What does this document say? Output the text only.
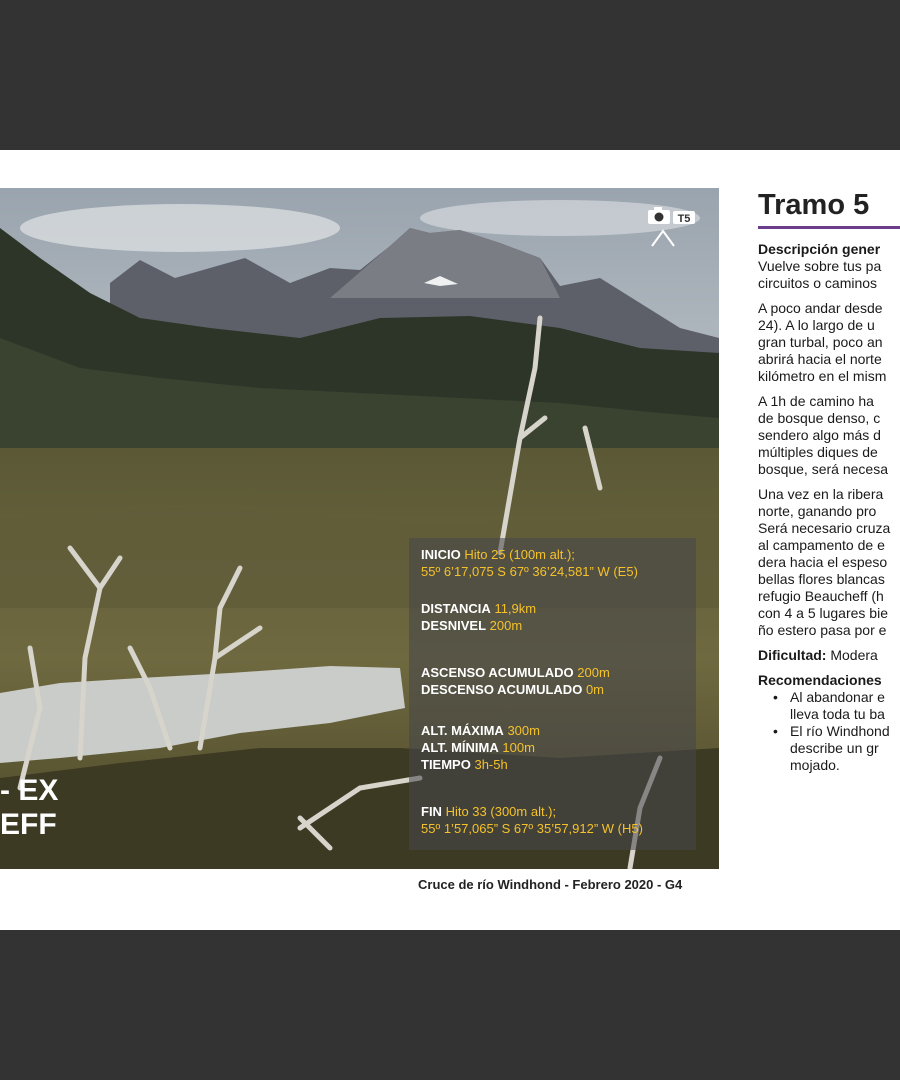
T5
INICIO Hito 25 (100m alt.);
55º 6’17,075 S 67º 36’24,581” W (E5)
DISTANCIA 11,9km
DESNIVEL 200m
ASCENSO ACUMULADO 200m
DESCENSO ACUMULADO 0m
ALT. MÁXIMA 300m
ALT. MÍNIMA 100m
TIEMPO 3h-5h
FIN Hito 33 (300m alt.);
55º 1’57,065” S 67º 35’57,912” W (H5)
- EX
EFF
Cruce de río Windhond - Febrero 2020 - G4
Tramo 5

Descripción gener

Vuelve sobre tus pa

circuitos o caminos

A poco andar desde

24). A lo largo de u

gran turbal, poco an

abrirá hacia el norte

kilómetro en el mism

A 1h de camino ha

de bosque denso, c

sendero algo más d

múltiples diques de

bosque, será necesa

Una vez en la ribera

norte, ganando pro

Será necesario cruza

al campamento de e

dera hacia el espeso

bellas flores blancas

refugio Beaucheff (h

con 4 a 5 lugares bie

ño estero pasa por e

Dificultad: Modera

Recomendaciones

• Al abandonar e

lleva toda tu ba

• El río Windhond

describe un gr

mojado.
